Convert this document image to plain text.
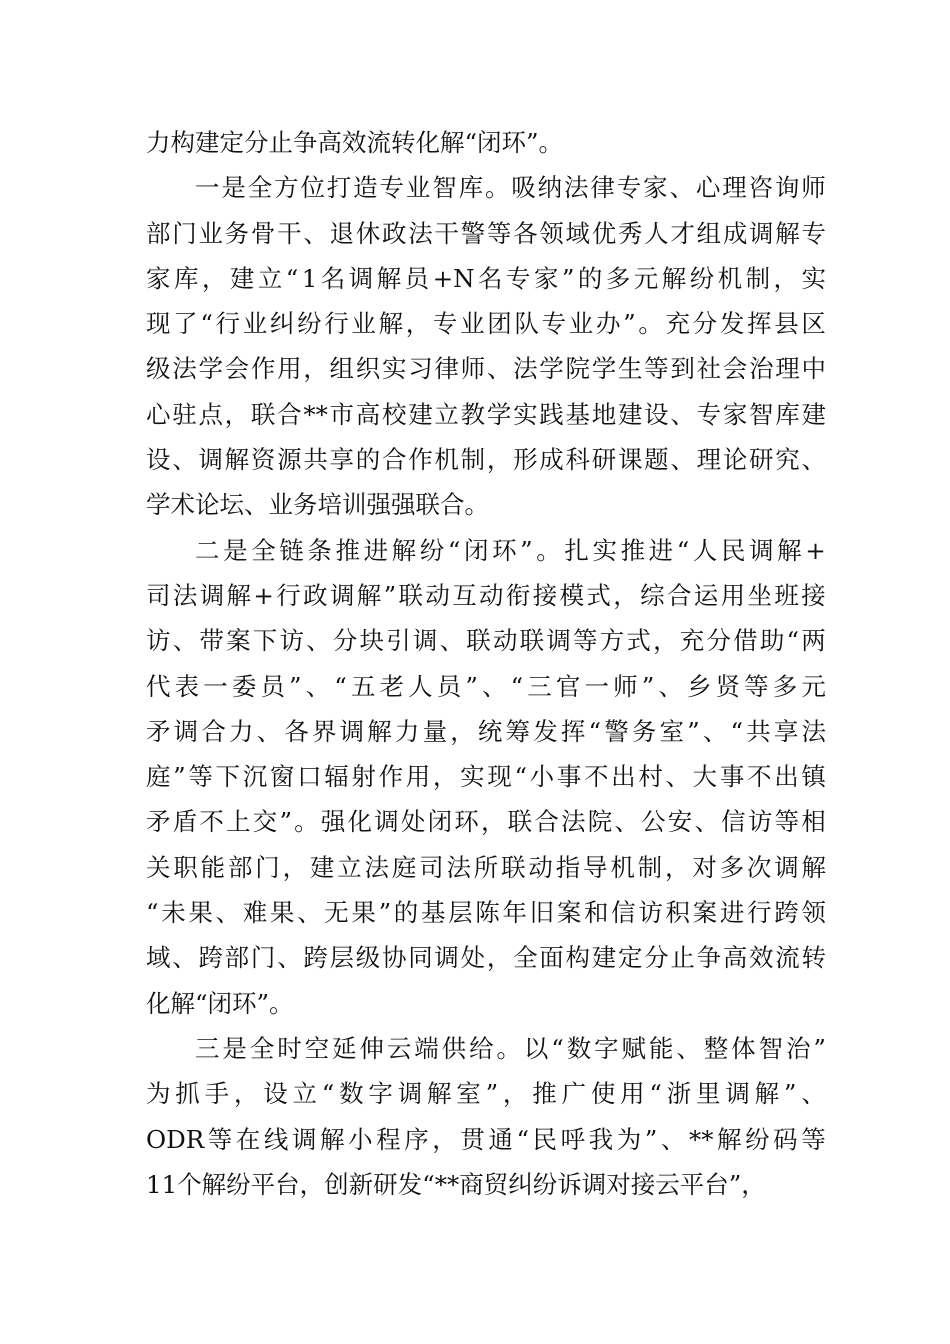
力构建定分止争高效流转化解“闭环”。
一 是 全 方 位 打 造 专 业 智 库 。 吸 纳 法 律 专 家 、 心 理 咨 询 师
部 门 业 务 骨 干 、 退 休 政 法 干 警 等 各 领 域 优 秀 人 才 组 成 调 解 专
家 库 ， 建 立 “ 1 名 调 解 员 +N 名 专 家 ” 的 多 元 解 纷 机 制 ， 实
现 了 “ 行 业 纠 纷 行 业 解 ， 专 业 团 队 专 业 办 ” 。 充 分 发 挥 县 区
级 法 学 会 作 用 ， 组 织 实 习 律 师 、 法 学 院 学 生 等 到 社 会 治 理 中
心 驻 点 ， 联 合 ** 市 高 校 建 立 教 学 实 践 基 地 建 设 、 专 家 智 库 建
设 、 调 解 资 源 共 享 的 合 作 机 制 ， 形 成 科 研 课 题 、 理 论 研 究 、
学术论坛、业务培训强强联合。
二 是 全 链 条 推 进 解 纷 “ 闭 环 ” 。 扎 实 推 进 “ 人 民 调 解 +
司 法 调 解 + 行 政 调 解 ” 联 动 互 动 衔 接 模 式 ， 综 合 运 用 坐 班 接
访 、 带 案 下 访 、 分 块 引 调 、 联 动 联 调 等 方 式 ， 充 分 借 助 “ 两
代 表 一 委 员 ” 、 “ 五 老 人 员 ” 、 “ 三 官 一 师 ” 、 乡 贤 等 多 元
矛 调 合 力 、 各 界 调 解 力 量 ， 统 筹 发 挥 “ 警 务 室 ” 、 “ 共 享 法
庭 ” 等 下 沉 窗 口 辐 射 作 用 ， 实 现 “ 小 事 不 出 村 、 大 事 不 出 镇
矛 盾 不 上 交 ” 。 强 化 调 处 闭 环 ， 联 合 法 院 、 公 安 、 信 访 等 相
关 职 能 部 门 ， 建 立 法 庭 司 法 所 联 动 指 导 机 制 ， 对 多 次 调 解
“ 未 果 、 难 果 、 无 果 ” 的 基 层 陈 年 旧 案 和 信 访 积 案 进 行 跨 领
域 、 跨 部 门 、 跨 层 级 协 同 调 处 ， 全 面 构 建 定 分 止 争 高 效 流 转
化解“闭环”。
三 是 全 时 空 延 伸 云 端 供 给 。 以 “ 数 字 赋 能 、 整 体 智 治 ”
为 抓 手 ， 设 立 “ 数 字 调 解 室 ” ， 推 广 使 用 “ 浙 里 调 解 ” 、
ODR 等 在 线 调 解 小 程 序 ， 贯 通 “ 民 呼 我 为 ” 、 ** 解 纷 码 等
11个解纷平台，创新研发“**商贸纠纷诉调对接云平台”，
